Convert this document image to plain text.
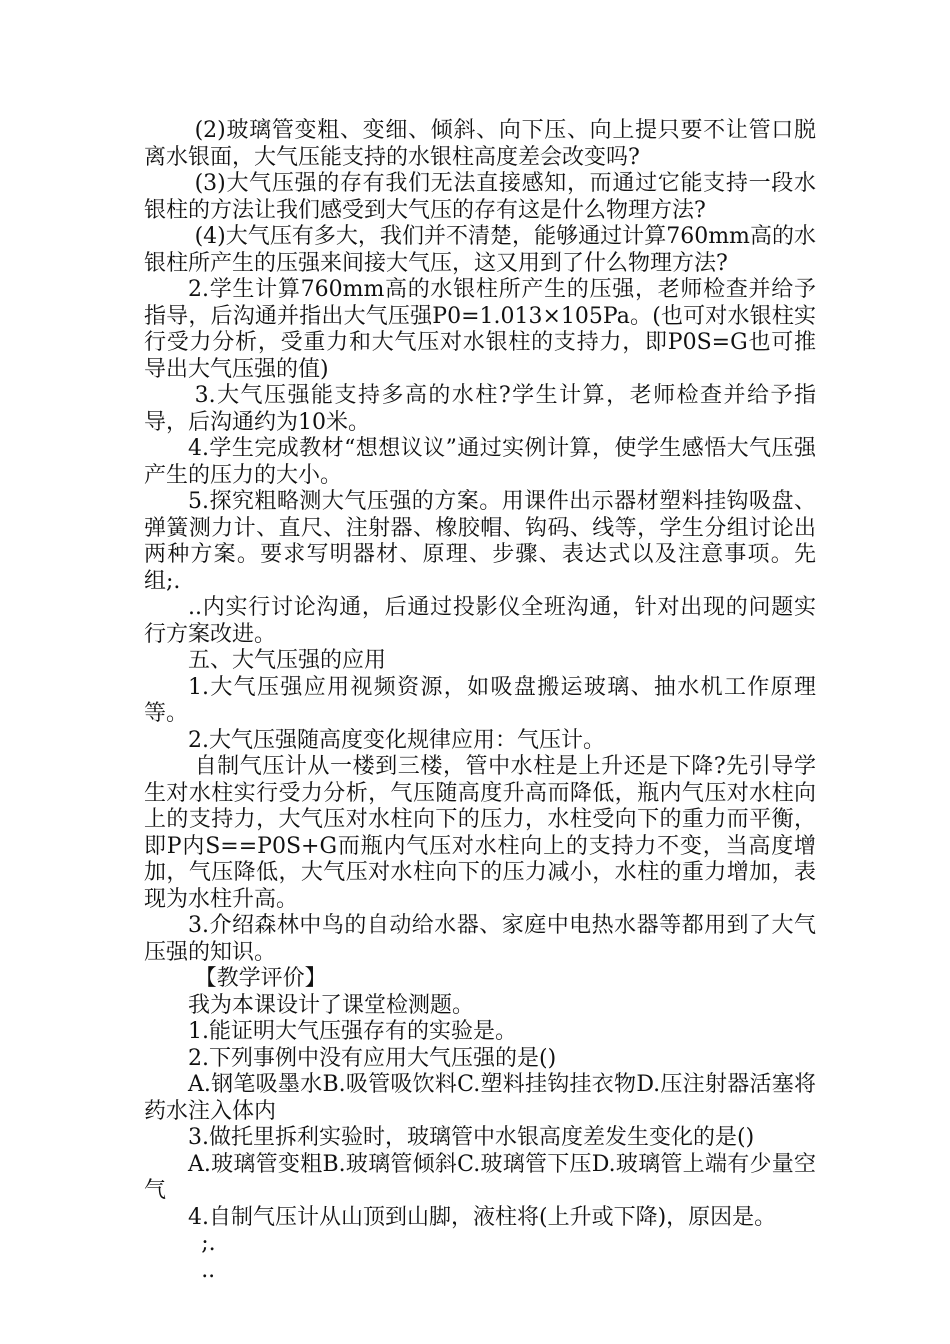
(2)玻璃管变粗、变细、倾斜、向下压、向上提只要不让管口脱离水银面，大气压能支持的水银柱高度差会改变吗?

(3)大气压强的存有我们无法直接感知，而通过它能支持一段水银柱的方法让我们感受到大气压的存有这是什么物理方法?

(4)大气压有多大，我们并不清楚，能够通过计算760mm高的水银柱所产生的压强来间接大气压，这又用到了什么物理方法?

2.学生计算760mm高的水银柱所产生的压强，老师检查并给予指导，后沟通并指出大气压强P0=1.013×105Pa。(也可对水银柱实行受力分析，受重力和大气压对水银柱的支持力，即P0S=G也可推导出大气压强的值)

3.大气压强能支持多高的水柱?学生计算，老师检查并给予指导，后沟通约为10米。

4.学生完成教材“想想议议”通过实例计算，使学生感悟大气压强产生的压力的大小。

5.探究粗略测大气压强的方案。用课件出示器材塑料挂钩吸盘、弹簧测力计、直尺、注射器、橡胶帽、钩码、线等，学生分组讨论出两种方案。要求写明器材、原理、步骤、表达式以及注意事项。先组;.

..内实行讨论沟通，后通过投影仪全班沟通，针对出现的问题实行方案改进。

五、大气压强的应用

1.大气压强应用视频资源，如吸盘搬运玻璃、抽水机工作原理等。

2.大气压强随高度变化规律应用：气压计。

自制气压计从一楼到三楼，管中水柱是上升还是下降?先引导学生对水柱实行受力分析，气压随高度升高而降低，瓶内气压对水柱向上的支持力，大气压对水柱向下的压力，水柱受向下的重力而平衡，即P内S==P0S+G而瓶内气压对水柱向上的支持力不变，当高度增加，气压降低，大气压对水柱向下的压力减小，水柱的重力增加，表现为水柱升高。

3.介绍森林中鸟的自动给水器、家庭中电热水器等都用到了大气压强的知识。

【教学评价】

我为本课设计了课堂检测题。

1.能证明大气压强存有的实验是。

2.下列事例中没有应用大气压强的是()

A.钢笔吸墨水B.吸管吸饮料C.塑料挂钩挂衣物D.压注射器活塞将药水注入体内

3.做托里拆利实验时，玻璃管中水银高度差发生变化的是()

A.玻璃管变粗B.玻璃管倾斜C.玻璃管下压D.玻璃管上端有少量空气

4.自制气压计从山顶到山脚，液柱将(上升或下降)，原因是。

;.

..
